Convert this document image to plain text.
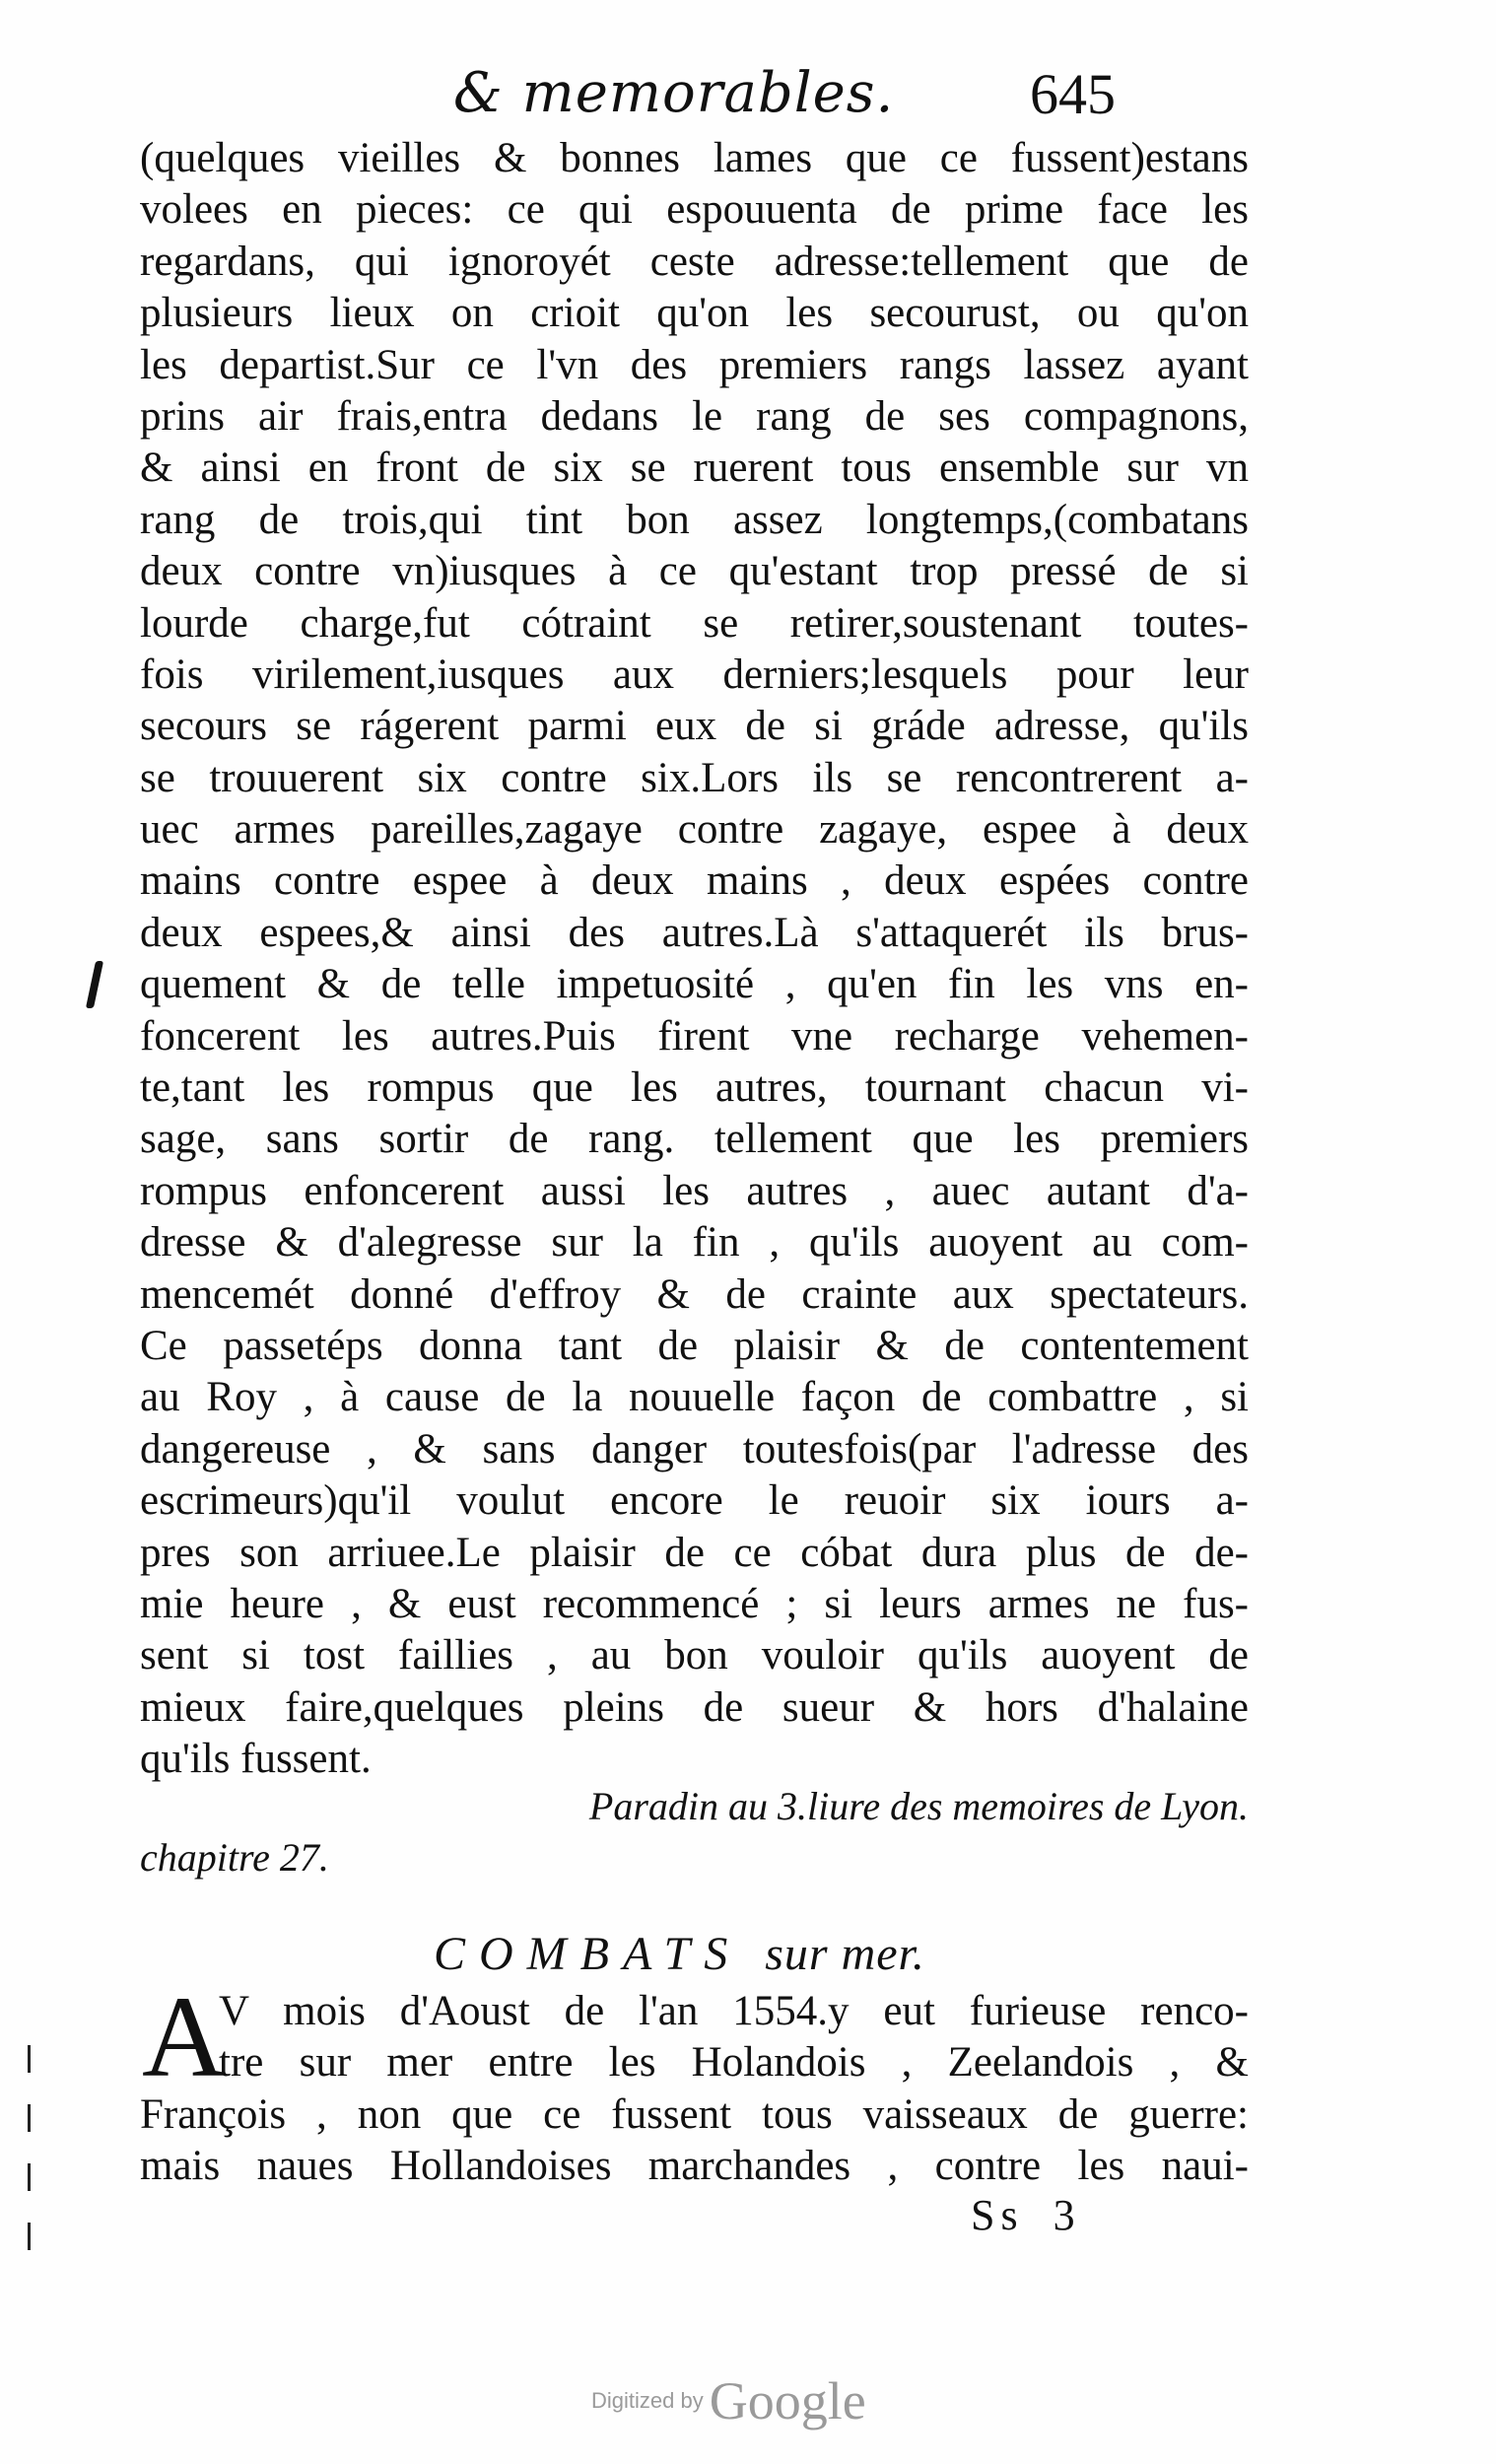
& memorables. 645
(quelques vieilles & bonnes lames que ce fussent)estans
volees en pieces: ce qui espouuenta de prime face les
regardans, qui ignoroyét ceste adresse:tellement que de
plusieurs lieux on crioit qu'on les secourust, ou qu'on
les departist.Sur ce l'vn des premiers rangs lassez ayant
prins air frais,entra dedans le rang de ses compagnons,
& ainsi en front de six se ruerent tous ensemble sur vn
rang de trois,qui tint bon assez longtemps,(combatans
deux contre vn)iusques à ce qu'estant trop pressé de si
lourde charge,fut cótraint se retirer,soustenant toutes-
fois virilement,iusques aux derniers;lesquels pour leur
secours se rágerent parmi eux de si gráde adresse, qu'ils
se trouuerent six contre six.Lors ils se rencontrerent a-
uec armes pareilles,zagaye contre zagaye, espee à deux
mains contre espee à deux mains , deux espées contre
deux espees,& ainsi des autres.Là s'attaquerét ils brus-
quement & de telle impetuosité , qu'en fin les vns en-
foncerent les autres.Puis firent vne recharge vehemen-
te,tant les rompus que les autres, tournant chacun vi-
sage, sans sortir de rang. tellement que les premiers
rompus enfoncerent aussi les autres , auec autant d'a-
dresse & d'alegresse sur la fin , qu'ils auoyent au com-
mencemét donné d'effroy & de crainte aux spectateurs.
Ce passetéps donna tant de plaisir & de contentement
au Roy , à cause de la nouuelle façon de combattre , si
dangereuse , & sans danger toutesfois(par l'adresse des
escrimeurs)qu'il voulut encore le reuoir six iours a-
pres son arriuee.Le plaisir de ce cóbat dura plus de de-
mie heure , & eust recommencé ; si leurs armes ne fus-
sent si tost faillies , au bon vouloir qu'ils auoyent de
mieux faire,quelques pleins de sueur & hors d'halaine
qu'ils fussent.
Paradin au 3.liure des memoires de Lyon.
chapitre 27.
COMBATS sur mer.
A
V mois d'Aoust de l'an 1554.y eut furieuse renco-
tre sur mer entre les Holandois , Zeelandois , &
François , non que ce fussent tous vaisseaux de guerre:
mais naues Hollandoises marchandes , contre les naui-
Ss 3
Digitized by Google
